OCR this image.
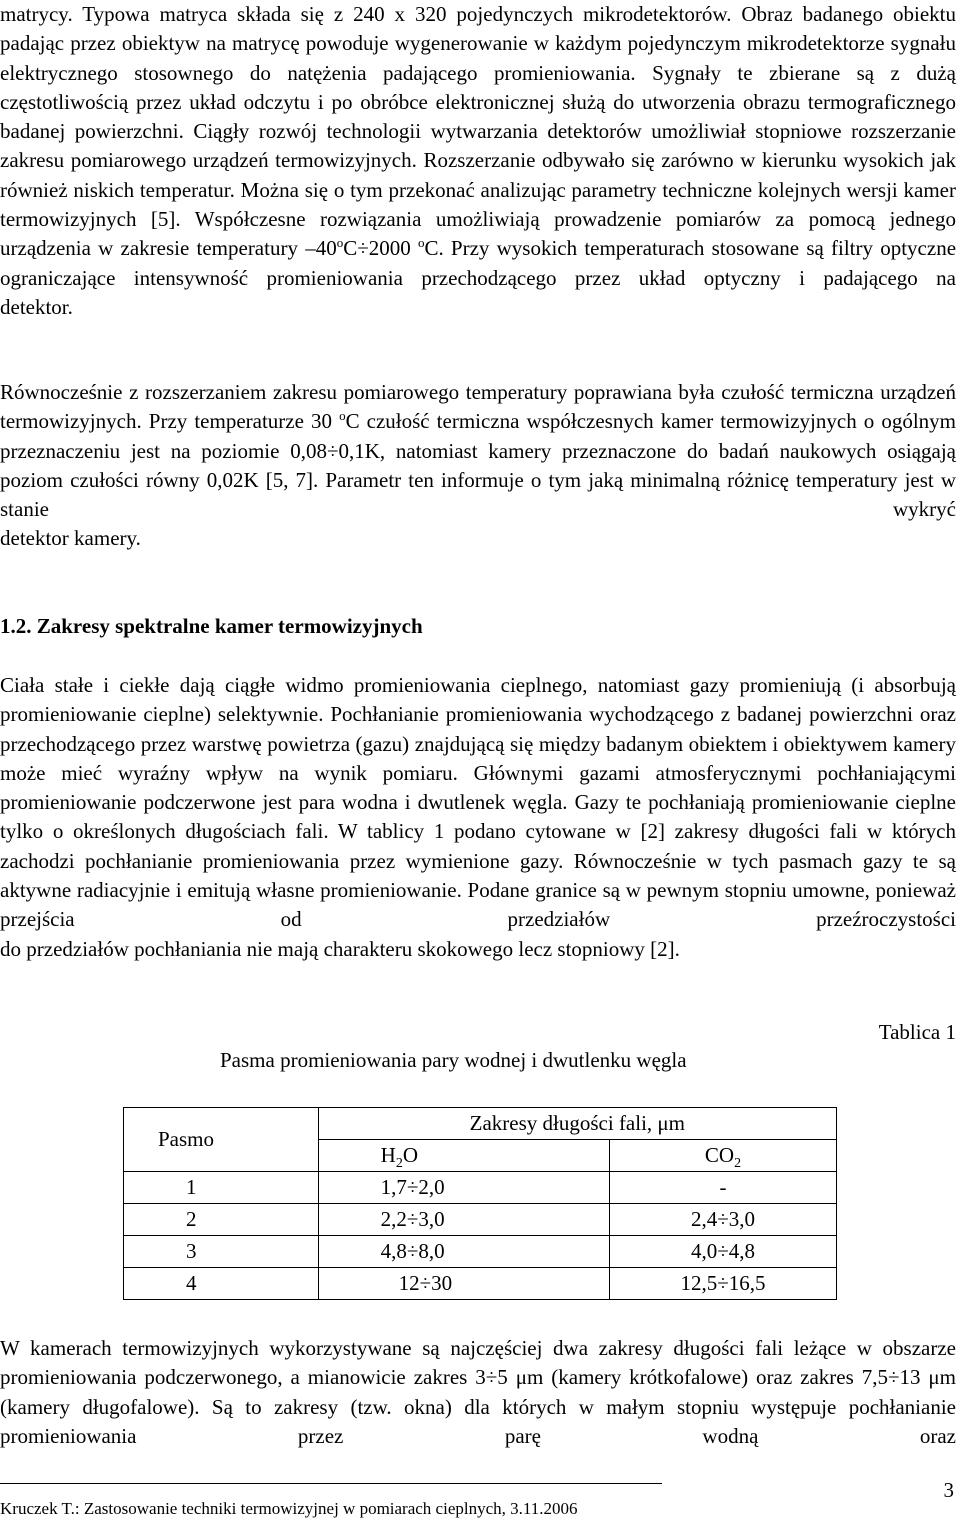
matrycy. Typowa matryca składa się z 240 x 320 pojedynczych mikrodetektorów. Obraz badanego obiektu padając przez obiektyw na matrycę powoduje wygenerowanie w każdym pojedynczym mikrodetektorze sygnału elektrycznego stosownego do natężenia padającego promieniowania. Sygnały te zbierane są z dużą częstotliwością przez układ odczytu i po obróbce elektronicznej służą do utworzenia obrazu termograficznego badanej powierzchni. Ciągły rozwój technologii wytwarzania detektorów umożliwiał stopniowe rozszerzanie zakresu pomiarowego urządzeń termowizyjnych. Rozszerzanie odbywało się zarówno w kierunku wysokich jak również niskich temperatur. Można się o tym przekonać analizując parametry techniczne kolejnych wersji kamer termowizyjnych [5]. Współczesne rozwiązania umożliwiają prowadzenie pomiarów za pomocą jednego urządzenia w zakresie temperatury $-40^oC\div 2000$ $^o$C. Przy wysokich temperaturach stosowane są filtry optyczne ograniczające intensywność promieniowania przechodzącego przez układ optyczny i padającego na
detektor.

Równocześnie z rozszerzaniem zakresu pomiarowego temperatury poprawiana była czułość termiczna urządzeń termowizyjnych. Przy temperaturze 30 $^o$C czułość termiczna współczesnych kamer termowizyjnych o ogólnym przeznaczeniu jest na poziomie 0,08÷0,1K, natomiast kamery przeznaczone do badań naukowych osiągają poziom czułości równy 0,02K [5, 7]. Parametr ten informuje o tym jaką minimalną różnicę temperatury jest w stanie wykryć
detektor kamery.

1.2. Zakresy spektralne kamer termowizyjnych

Ciała stałe i ciekłe dają ciągłe widmo promieniowania cieplnego, natomiast gazy promieniują (i absorbują promieniowanie cieplne) selektywnie. Pochłanianie promieniowania wychodzącego z badanej powierzchni oraz przechodzącego przez warstwę powietrza (gazu) znajdującą się między badanym obiektem i obiektywem kamery może mieć wyraźny wpływ na wynik pomiaru. Głównymi gazami atmosferycznymi pochłaniającymi promieniowanie podczerwone jest para wodna i dwutlenek węgla. Gazy te pochłaniają promieniowanie cieplne tylko o określonych długościach fali. W tablicy 1 podano cytowane w [2] zakresy długości fali w których zachodzi pochłanianie promieniowania przez wymienione gazy. Równocześnie w tych pasmach gazy te są aktywne radiacyjnie i emitują własne promieniowanie. Podane granice są w pewnym stopniu umowne, ponieważ przejścia od przedziałów przeźroczystości
do przedziałów pochłaniania nie mają charakteru skokowego lecz stopniowy [2].

Tablica 1

Pasma promieniowania pary wodnej i dwutlenku węgla

Pasmo	Zakresy długości fali, μm	
	$H_2O$	$CO_2$
1	1,7÷2,0	-
2	2,2÷3,0	2,4÷3,0
3	4,8÷8,0	4,0÷4,8
4	12÷30	12,5÷16,5

W kamerach termowizyjnych wykorzystywane są najczęściej dwa zakresy długości fali leżące w obszarze promieniowania podczerwonego, a mianowicie zakres 3÷5 μm (kamery krótkofalowe) oraz zakres 7,5÷13 μm (kamery długofalowe). Są to zakresy (tzw. okna) dla których w małym stopniu występuje pochłanianie promieniowania przez parę wodną oraz

Kruczek T.: Zastosowanie techniki termowizyjnej w pomiarach cieplnych, 3.11.2006

3
